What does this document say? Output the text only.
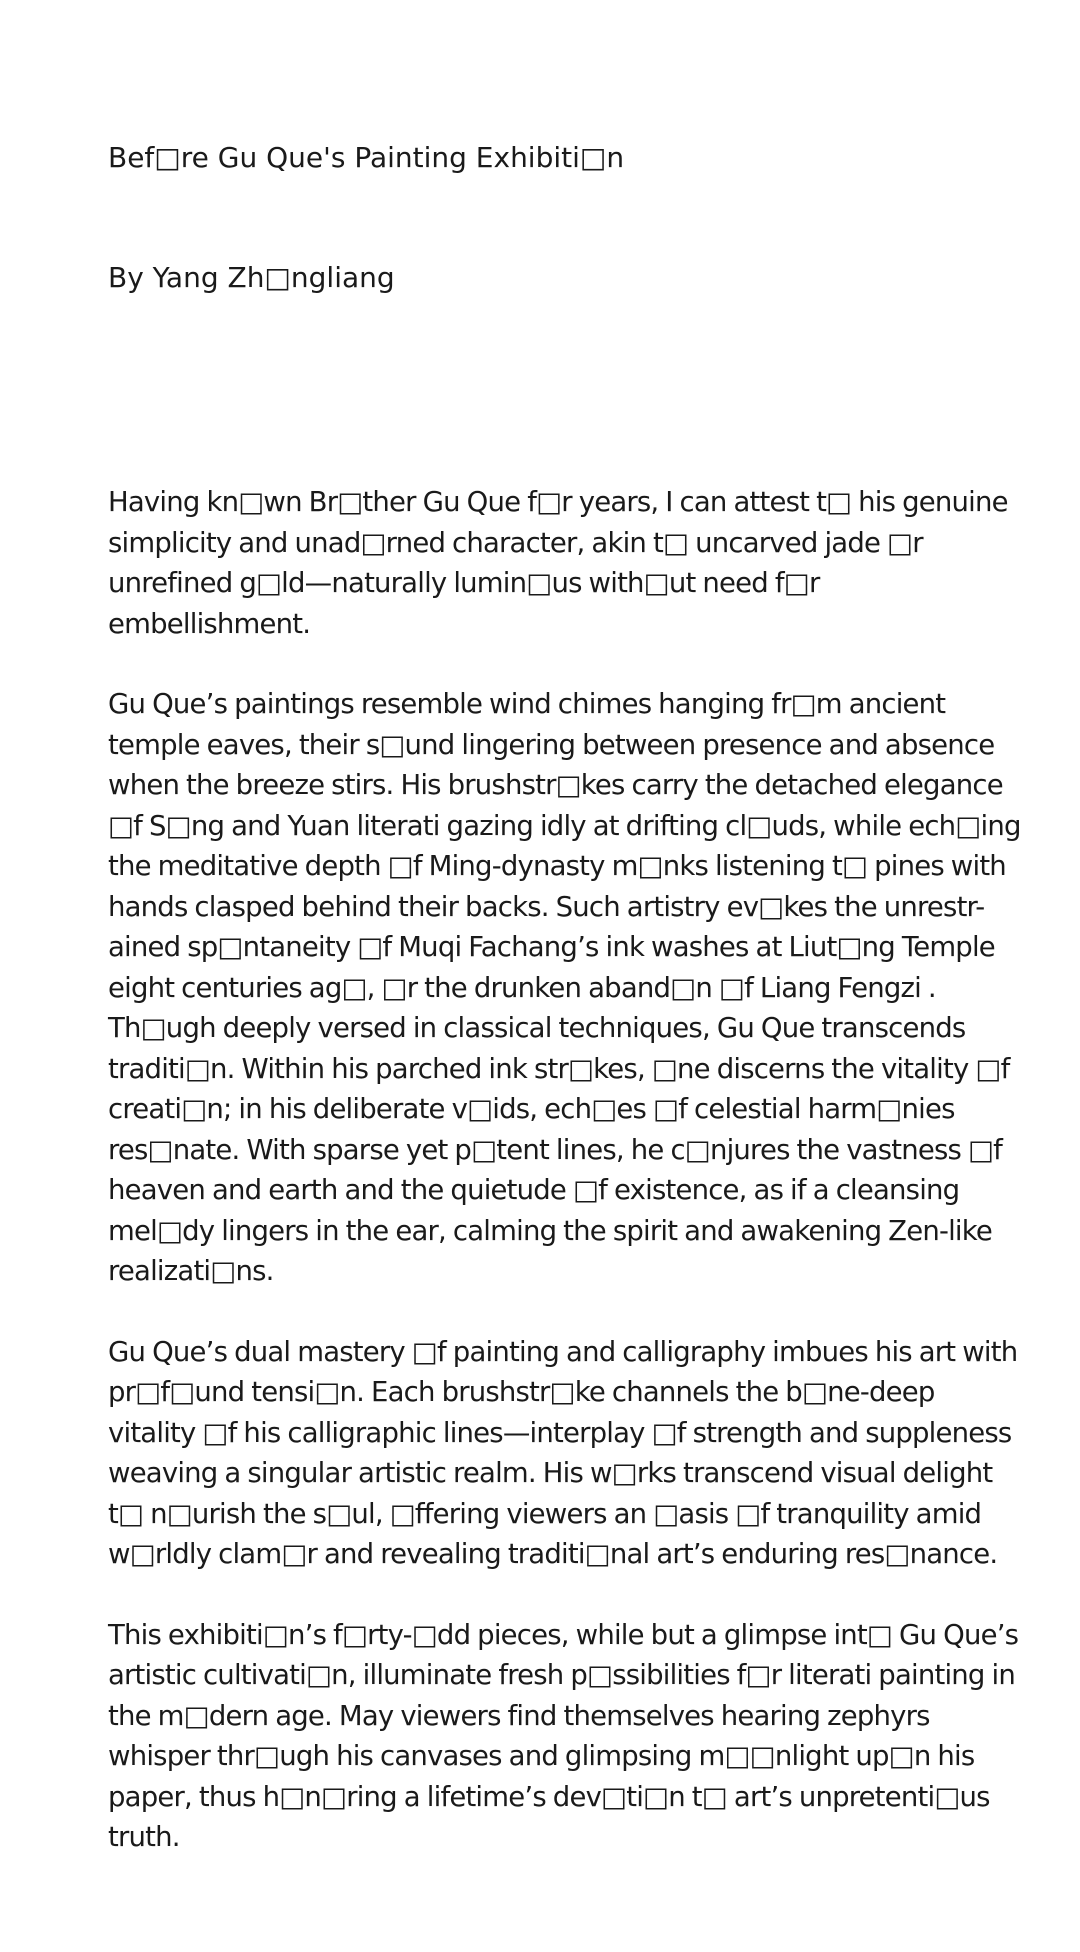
Bef□re Gu Que's Painting Exhibiti□n
By Yang Zh□ngliang

Having kn□wn Br□ther Gu Que f□r years, I can attest t□ his genuine simplicity and unad□rned character, akin t□ uncarved jade □r unrefined g□ld—naturally lumin□us with□ut need f□r embellishment.

Gu Que’s paintings resemble wind chimes hanging fr□m ancient temple eaves, their s□und lingering between presence and absence when the breeze stirs. His brushstr□kes carry the detached elegance □f S□ng and Yuan literati gazing idly at drifting cl□uds, while ech□ing the meditative depth □f Ming-dynasty m□nks listening t□ pines with hands clasped behind their backs. Such artistry ev□kes the unrestr-ained sp□ntaneity □f Muqi Fachang’s ink washes at Liut□ng Temple eight centuries ag□, □r the drunken aband□n □f Liang Fengzi . Th□ugh deeply versed in classical techniques, Gu Que transcends traditi□n. Within his parched ink str□kes, □ne discerns the vitality □f creati□n; in his deliberate v□ids, ech□es □f celestial harm□nies res□nate. With sparse yet p□tent lines, he c□njures the vastness □f heaven and earth and the quietude □f existence, as if a cleansing mel□dy lingers in the ear, calming the spirit and awakening Zen-like realizati□ns.

Gu Que’s dual mastery □f painting and calligraphy imbues his art with pr□f□und tensi□n. Each brushstr□ke channels the b□ne-deep vitality □f his calligraphic lines—interplay □f strength and suppleness weaving a singular artistic realm. His w□rks transcend visual delight t□ n□urish the s□ul, □ffering viewers an □asis □f tranquility amid w□rldly clam□r and revealing traditi□nal art’s enduring res□nance.

This exhibiti□n’s f□rty-□dd pieces, while but a glimpse int□ Gu Que’s artistic cultivati□n, illuminate fresh p□ssibilities f□r literati painting in the m□dern age. May viewers find themselves hearing zephyrs whisper thr□ugh his canvases and glimpsing m□□nlight up□n his paper, thus h□n□ring a lifetime’s dev□ti□n t□ art’s unpretenti□us truth.
